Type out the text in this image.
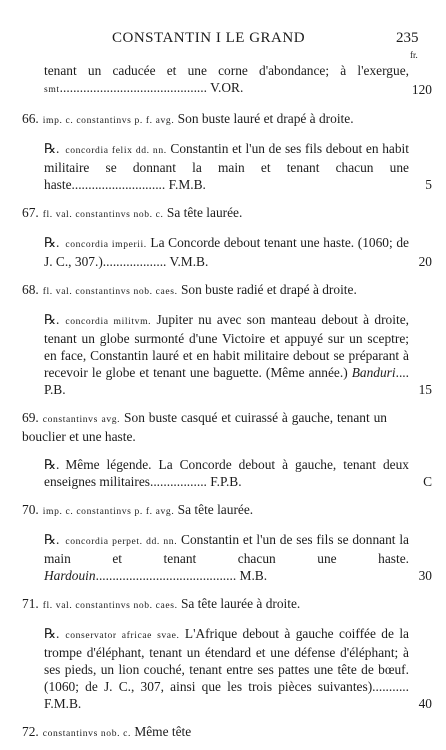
CONSTANTIN I LE GRAND	235
fr.
tenant un caducée et une corne d'abondance; à l'exergue, smt............................................ V.OR.	120
66. imp. c. constantinvs p. f. avg. Son buste lauré et drapé à droite.
℞. concordia felix dd. nn. Constantin et l'un de ses fils debout en habit militaire se donnant la main et tenant chacun une haste............................ F.M.B.	5
67. fl. val. constantinvs nob. c. Sa tête laurée.
℞. concordia imperii. La Concorde debout tenant une haste. (1060; de J. C., 307.)................... V.M.B.	20
68. fl. val. constantinvs nob. caes. Son buste radié et drapé à droite.
℞. concordia militvm. Jupiter nu avec son manteau debout à droite, tenant un globe surmonté d'une Victoire et appuyé sur un sceptre; en face, Constantin lauré et en habit militaire debout se préparant à recevoir le globe et tenant une baguette. (Même année.) Banduri.... P.B.	15
69. constantinvs avg. Son buste casqué et cuirassé à gauche, tenant un bouclier et une haste.
℞. Même légende. La Concorde debout à gauche, tenant deux enseignes militaires................. F.P.B.	C
70. imp. c. constantinvs p. f. avg. Sa tête laurée.
℞. concordia perpet. dd. nn. Constantin et l'un de ses fils se donnant la main et tenant chacun une haste. Hardouin.......................................... M.B.	30
71. fl. val. constantinvs nob. caes. Sa tête laurée à droite.
℞. conservator africae svae. L'Afrique debout à gauche coiffée de la trompe d'éléphant, tenant un étendard et une défense d'éléphant; à ses pieds, un lion couché, tenant entre ses pattes une tête de bœuf. (1060; de J. C., 307, ainsi que les trois pièces suivantes)........... F.M.B.	40
72. constantinvs nob. c. Même tête
